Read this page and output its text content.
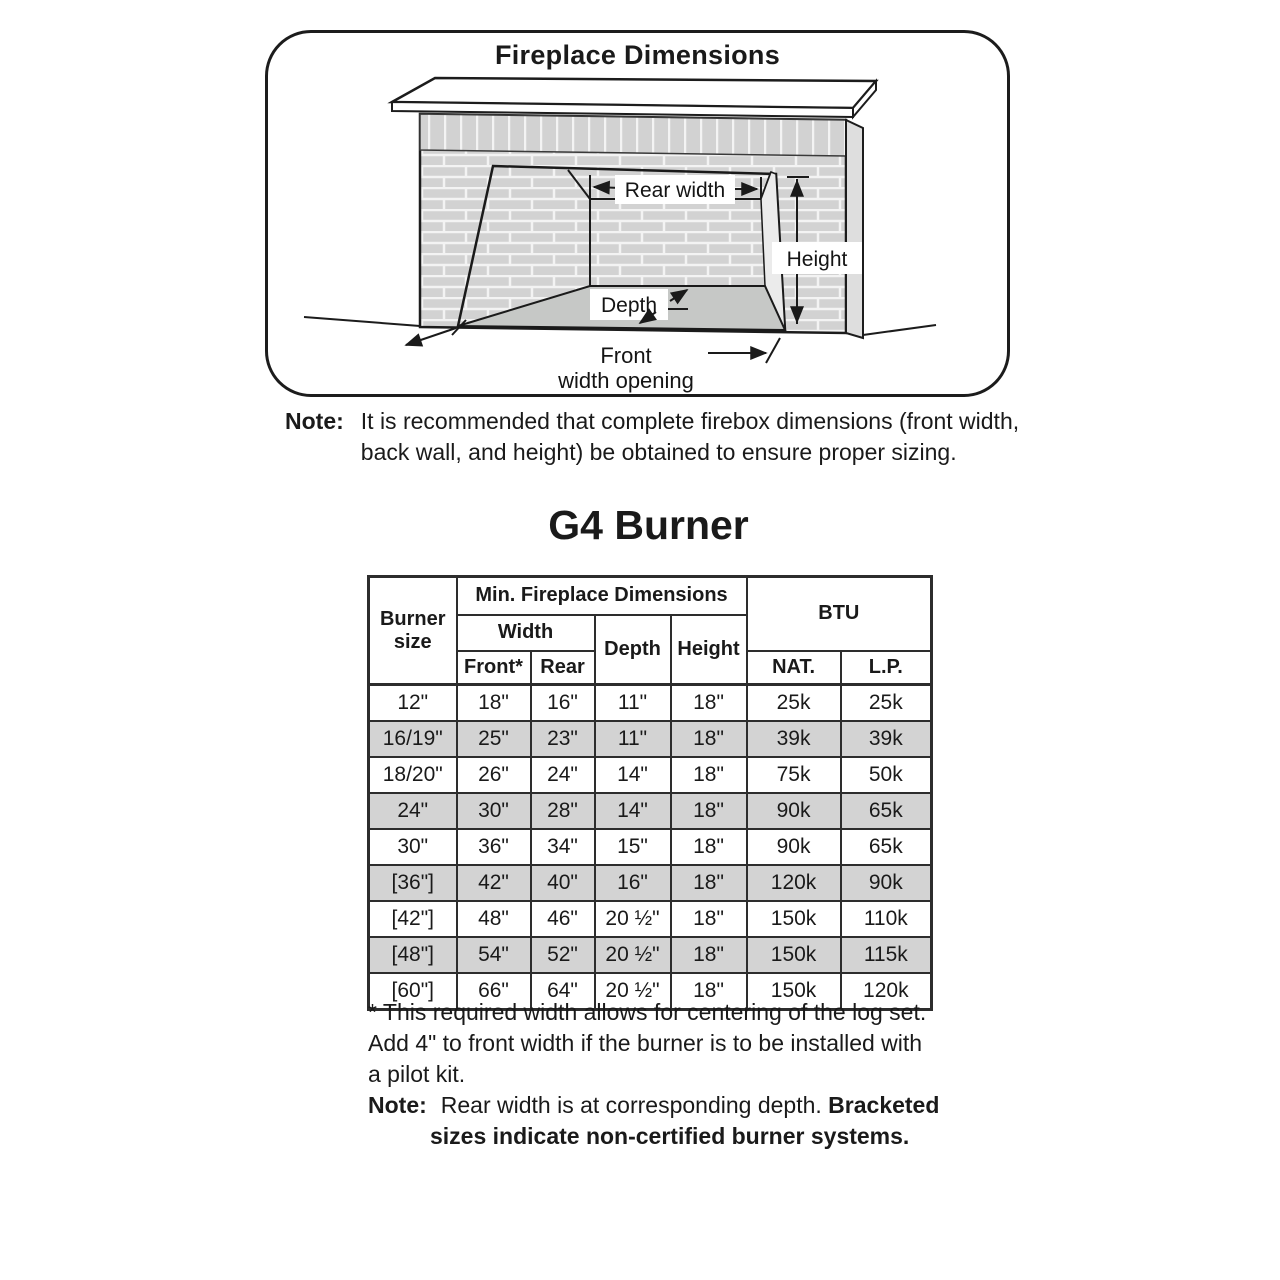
Rear width
Height
Depth
Front
width opening
Fireplace Dimensions
Note: It is recommended that complete firebox dimensions (front width,
back wall, and height) be obtained to ensure proper sizing.
G4 Burner
Burner size	Min. Fireplace Dimensions				BTU	
	Width		Depth	Height		
	Front*	Rear			NAT.	L.P.
12"	18"	16"	11"	18"	25k	25k
16/19"	25"	23"	11"	18"	39k	39k
18/20"	26"	24"	14"	18"	75k	50k
24"	30"	28"	14"	18"	90k	65k
30"	36"	34"	15"	18"	90k	65k
[36"]	42"	40"	16"	18"	120k	90k
[42"]	48"	46"	20 ½"	18"	150k	110k
[48"]	54"	52"	20 ½"	18"	150k	115k
[60"]	66"	64"	20 ½"	18"	150k	120k
* This required width allows for centering of the log set.
Add 4" to front width if the burner is to be installed with
a pilot kit.
Note: Rear width is at corresponding depth. Bracketed
sizes indicate non-certified burner systems.
